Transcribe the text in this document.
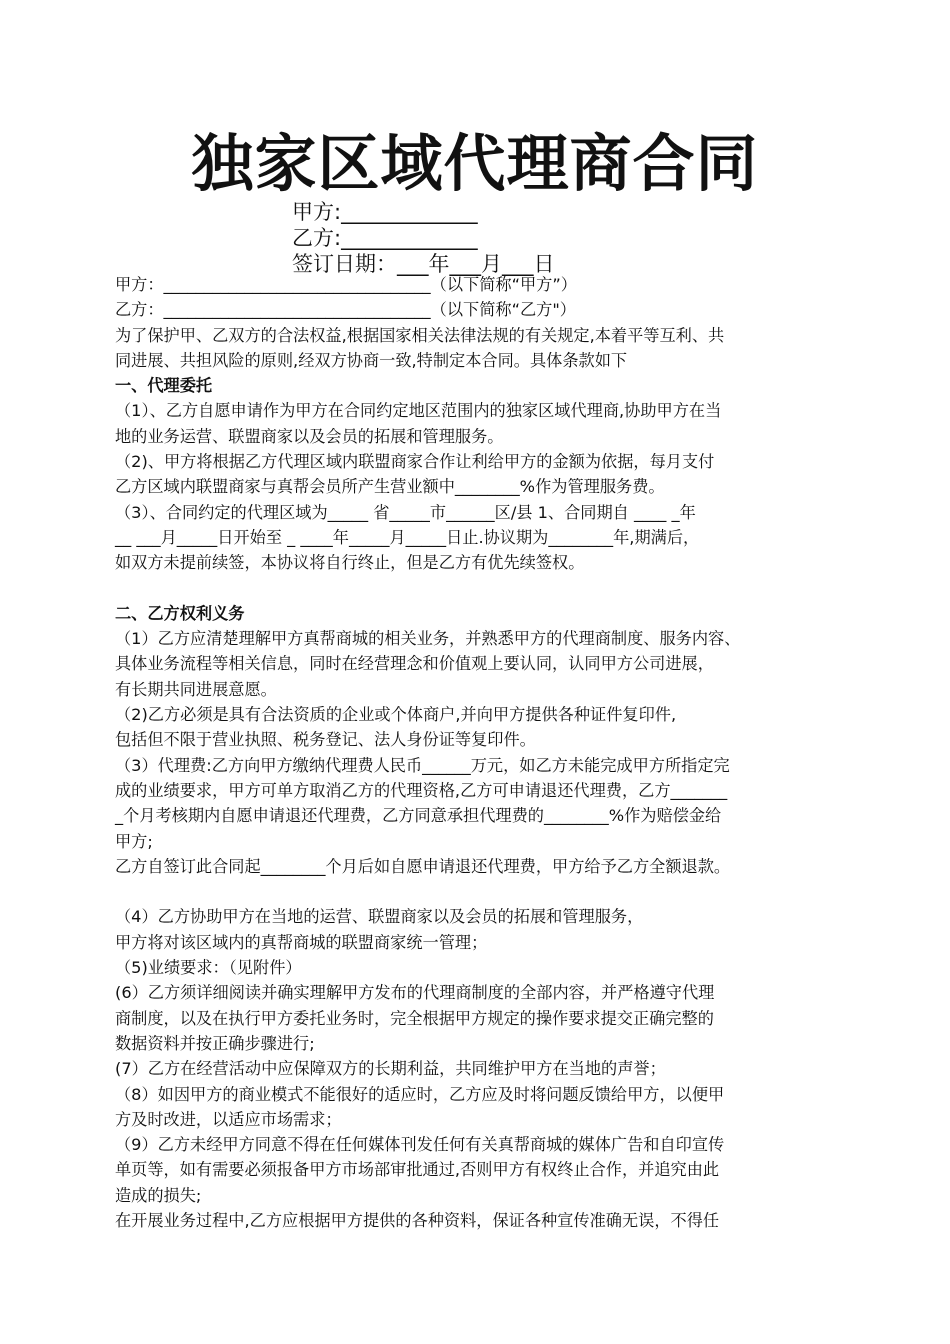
独家区域代理商合同
甲方:_____________
乙方:_____________
签订日期：___年___月___日
甲方：_________________________________（以下简称“甲方”）
乙方：_________________________________（以下简称“乙方"）
为了保护甲、乙双方的合法权益,根据国家相关法律法规的有关规定,本着平等互利、共
同进展、共担风险的原则,经双方协商一致,特制定本合同。具体条款如下
一、代理委托
（1）、乙方自愿申请作为甲方在合同约定地区范围内的独家区域代理商,协助甲方在当
地的业务运营、联盟商家以及会员的拓展和管理服务。
（2)、甲方将根据乙方代理区域内联盟商家合作让利给甲方的金额为依据，每月支付
乙方区域内联盟商家与真帮会员所产生营业额中________%作为管理服务费。
（3）、合同约定的代理区域为_____ 省_____市______区/县 1、合同期自 ____ _年
__ ___月_____日开始至 _ ____年_____月_____日止.协议期为________年,期满后，
如双方未提前续签，本协议将自行终止，但是乙方有优先续签权。
二、乙方权利义务
（1）乙方应清楚理解甲方真帮商城的相关业务，并熟悉甲方的代理商制度、服务内容、
具体业务流程等相关信息，同时在经营理念和价值观上要认同，认同甲方公司进展，
有长期共同进展意愿。
（2)乙方必须是具有合法资质的企业或个体商户,并向甲方提供各种证件复印件,
包括但不限于营业执照、税务登记、法人身份证等复印件。
（3）代理费:乙方向甲方缴纳代理费人民币______万元，如乙方未能完成甲方所指定完
成的业绩要求，甲方可单方取消乙方的代理资格,乙方可申请退还代理费，乙方_______
_个月考核期内自愿申请退还代理费，乙方同意承担代理费的________%作为赔偿金给
甲方;
乙方自签订此合同起________个月后如自愿申请退还代理费，甲方给予乙方全额退款。
（4）乙方协助甲方在当地的运营、联盟商家以及会员的拓展和管理服务，
甲方将对该区域内的真帮商城的联盟商家统一管理；
（5)业绩要求：（见附件）
(6）乙方须详细阅读并确实理解甲方发布的代理商制度的全部内容，并严格遵守代理
商制度，以及在执行甲方委托业务时，完全根据甲方规定的操作要求提交正确完整的
数据资料并按正确步骤进行;
(7）乙方在经营活动中应保障双方的长期利益，共同维护甲方在当地的声誉；
（8）如因甲方的商业模式不能很好的适应时，乙方应及时将问题反馈给甲方，以便甲
方及时改进，以适应市场需求；
（9）乙方未经甲方同意不得在任何媒体刊发任何有关真帮商城的媒体广告和自印宣传
单页等，如有需要必须报备甲方市场部审批通过,否则甲方有权终止合作，并追究由此
造成的损失;
在开展业务过程中,乙方应根据甲方提供的各种资料，保证各种宣传准确无误，不得任
